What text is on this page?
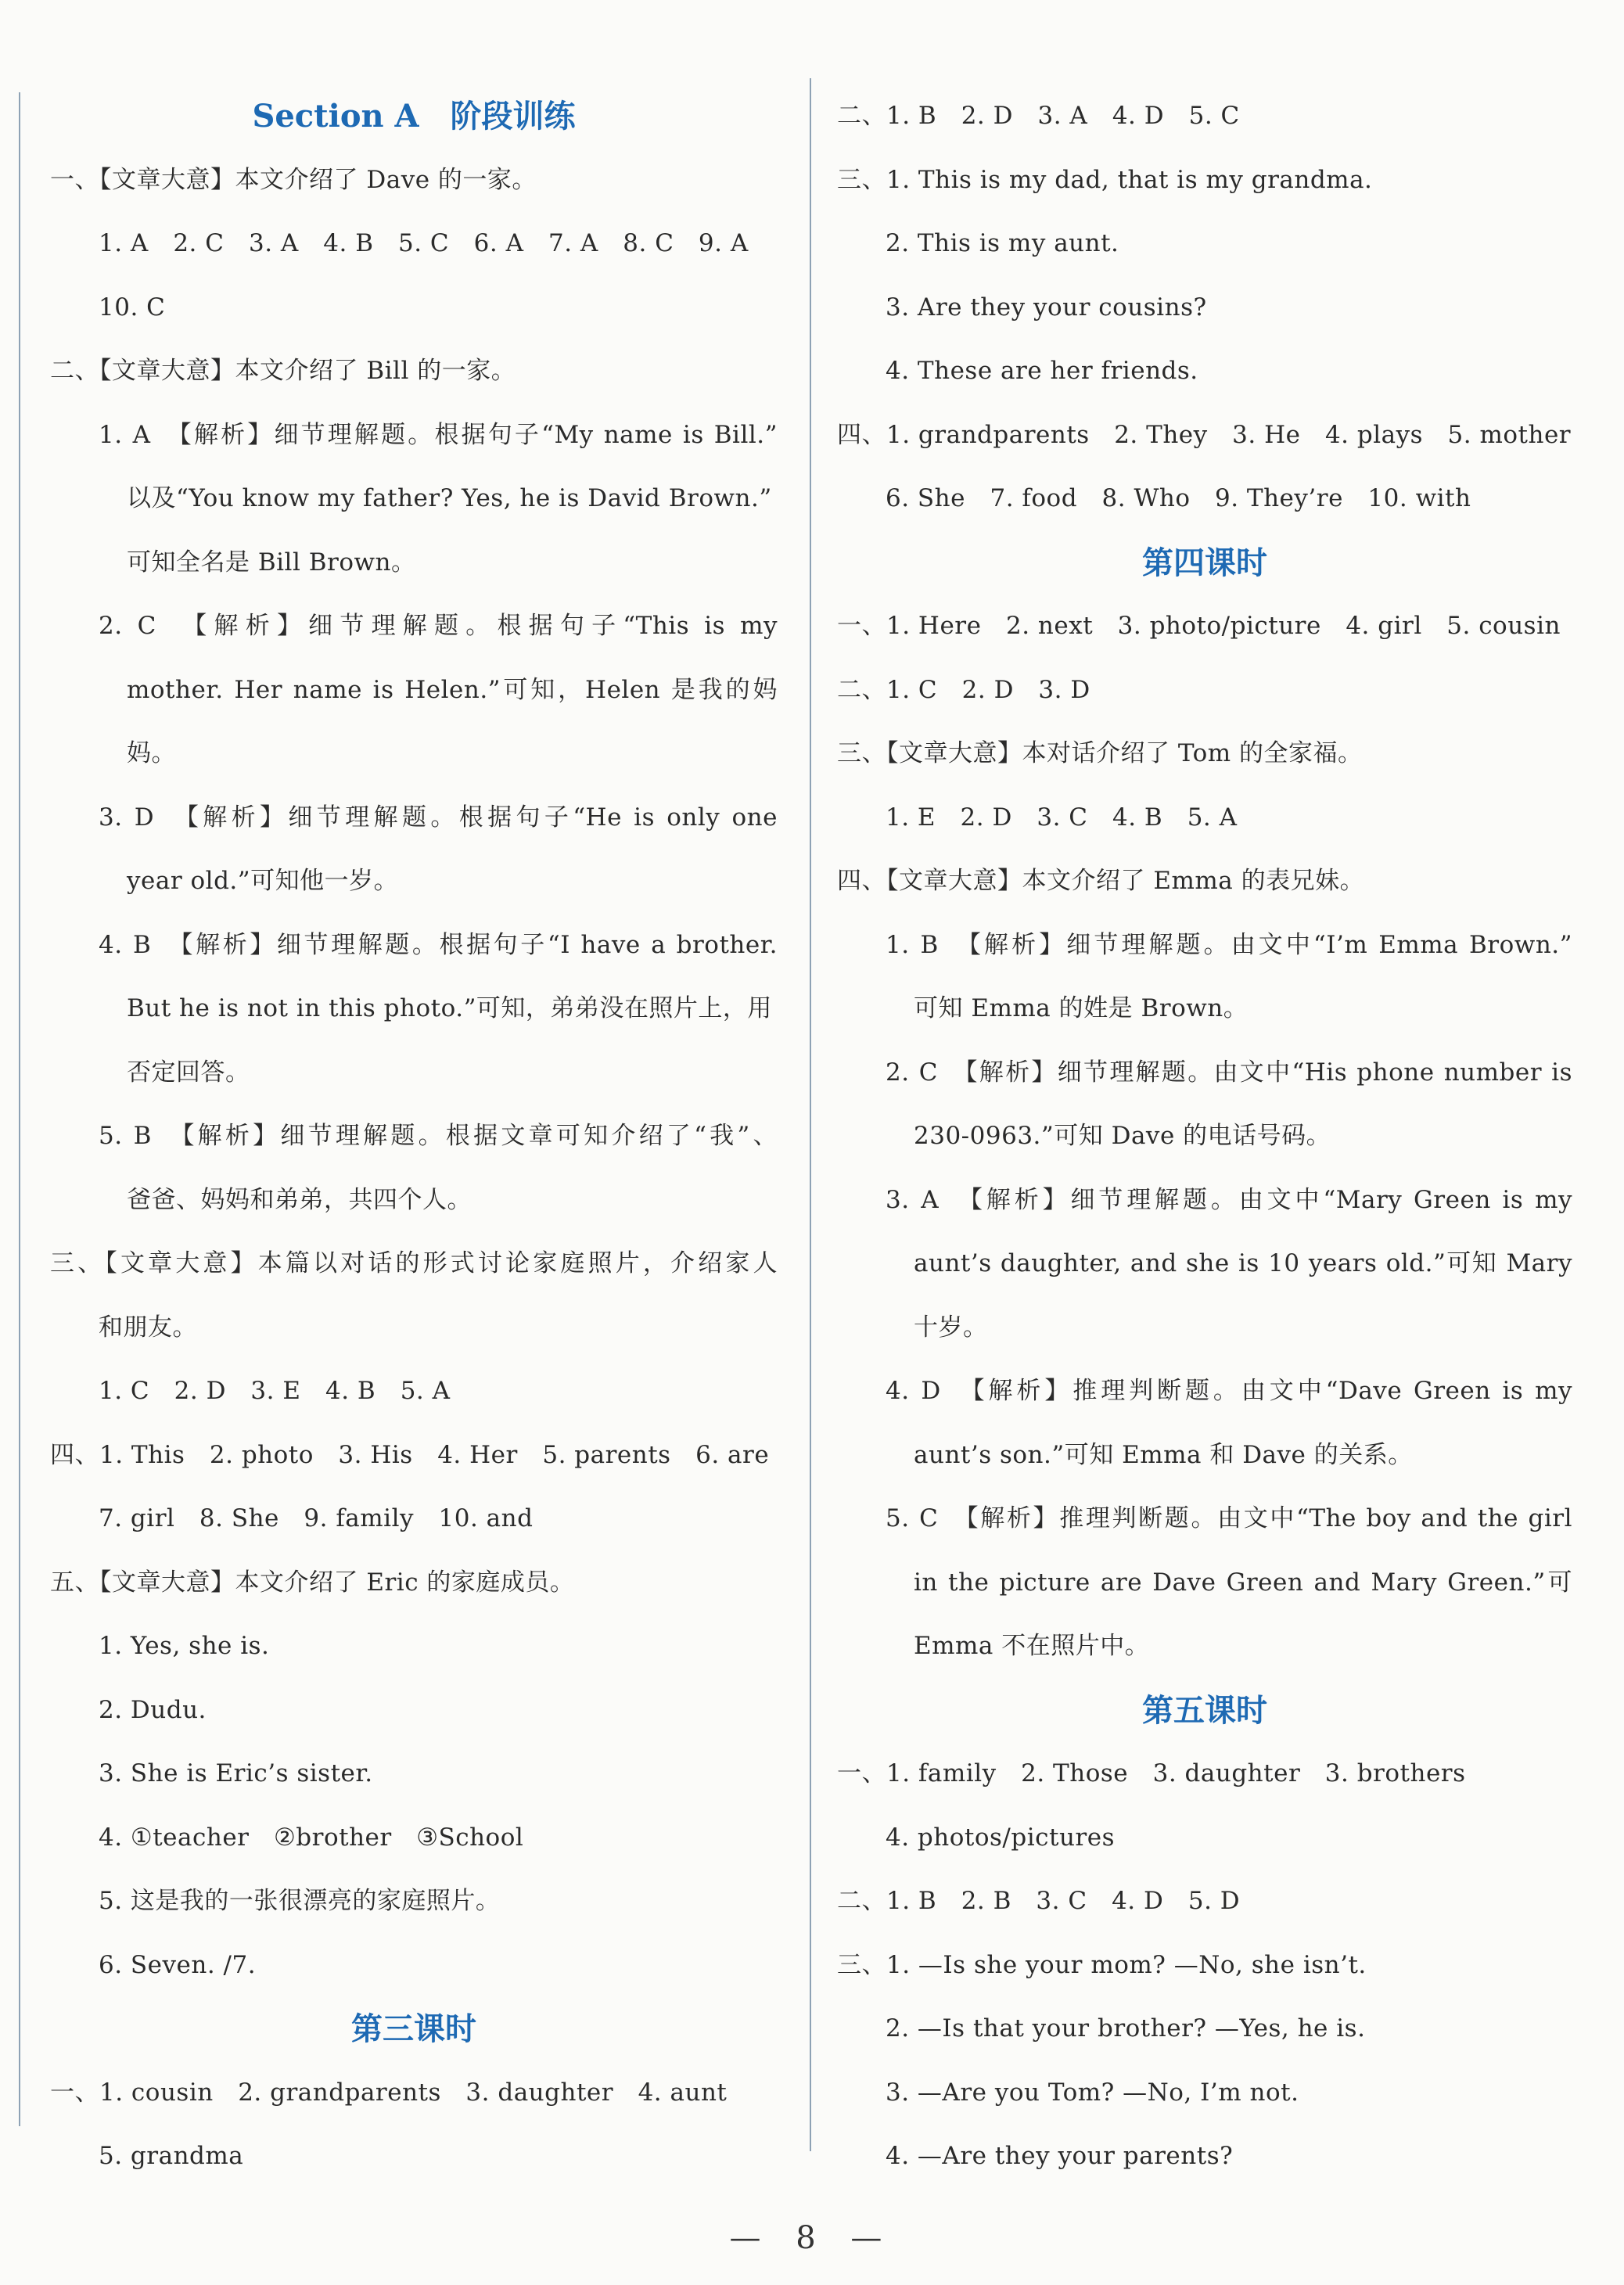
Section A　阶段训练
一、【文章大意】本文介绍了 Dave 的一家。
1. A　2. C　3. A　4. B　5. C　6. A　7. A　8. C　9. A
10. C
二、【文章大意】本文介绍了 Bill 的一家。
1. A　【解析】细节理解题。根据句子“My name is Bill.”
以及“You know my father? Yes, he is David Brown.”
可知全名是 Bill Brown。
2. C　【解析】细节理解题。根据句子“This is my
mother. Her name is Helen.”可知，Helen 是我的妈
妈。
3. D　【解析】细节理解题。根据句子“He is only one
year old.”可知他一岁。
4. B　【解析】细节理解题。根据句子“I have a brother.
But he is not in this photo.”可知，弟弟没在照片上，用
否定回答。
5. B　【解析】细节理解题。根据文章可知介绍了“我”、
爸爸、妈妈和弟弟，共四个人。
三、【文章大意】本篇以对话的形式讨论家庭照片，介绍家人
和朋友。
1. C　2. D　3. E　4. B　5. A
四、1. This　2. photo　3. His　4. Her　5. parents　6. are
7. girl　8. She　9. family　10. and
五、【文章大意】本文介绍了 Eric 的家庭成员。
1. Yes, she is.
2. Dudu.
3. She is Eric’s sister.
4. ①teacher　②brother　③School
5. 这是我的一张很漂亮的家庭照片。
6. Seven. /7.
第三课时
一、1. cousin　2. grandparents　3. daughter　4. aunt
5. grandma
二、1. B　2. D　3. A　4. D　5. C
三、1. This is my dad, that is my grandma.
2. This is my aunt.
3. Are they your cousins?
4. These are her friends.
四、1. grandparents　2. They　3. He　4. plays　5. mother
6. She　7. food　8. Who　9. They’re　10. with
第四课时
一、1. Here　2. next　3. photo/picture　4. girl　5. cousin
二、1. C　2. D　3. D
三、【文章大意】本对话介绍了 Tom 的全家福。
1. E　2. D　3. C　4. B　5. A
四、【文章大意】本文介绍了 Emma 的表兄妹。
1. B　【解析】细节理解题。由文中“I’m Emma Brown.”
可知 Emma 的姓是 Brown。
2. C　【解析】细节理解题。由文中“His phone number is
230-0963.”可知 Dave 的电话号码。
3. A　【解析】细节理解题。由文中“Mary Green is my
aunt’s daughter, and she is 10 years old.”可知 Mary
十岁。
4. D　【解析】推理判断题。由文中“Dave Green is my
aunt’s son.”可知 Emma 和 Dave 的关系。
5. C　【解析】推理判断题。由文中“The boy and the girl
in the picture are Dave Green and Mary Green.”可
Emma 不在照片中。
第五课时
一、1. family　2. Those　3. daughter　3. brothers
4. photos/pictures
二、1. B　2. B　3. C　4. D　5. D
三、1. —Is she your mom? —No, she isn’t.
2. —Is that your brother? —Yes, he is.
3. —Are you Tom? —No, I’m not.
4. —Are they your parents?
— 8 —
